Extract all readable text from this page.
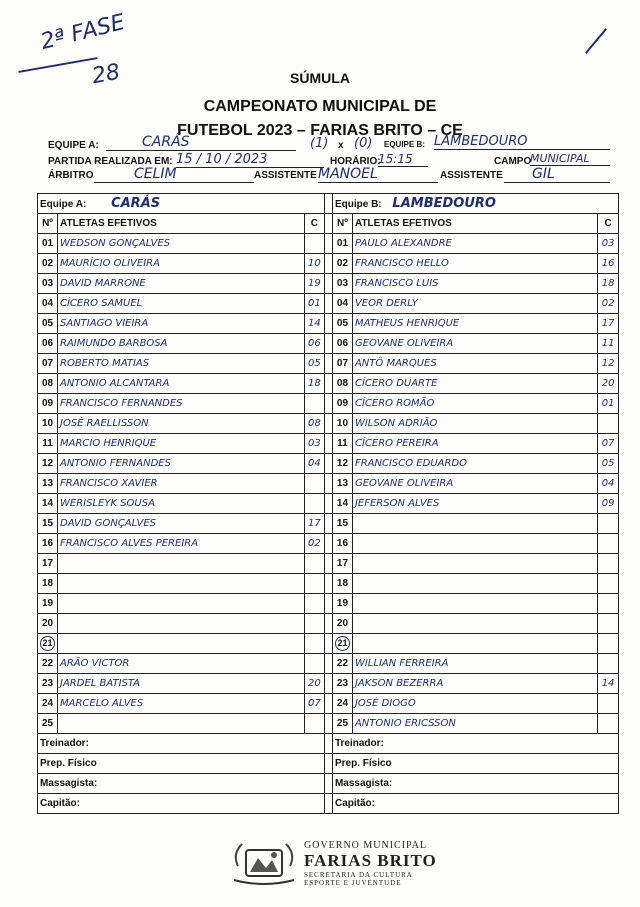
2ª FASE
28	SÚMULA
CAMPEONATO MUNICIPAL DE
FUTEBOL 2023 – FARIAS BRITO – CE
EQUIPE A:	CARÁS	(1) x (0) EQUIPE B: LAMBEDOURO
PARTIDA REALIZADA EM: 15 / 10 / 2023	HORÁRIO:
15:15	CAMPO
MUNICIPAL
ÁRBITRO	CELIM	ASSISTENTE MANOEL	ASSISTENTE	GIL
Equipe A: CARÁS				Equipe B: LAMBEDOURO		
Nº	ATLETAS EFETIVOS	C		Nº	ATLETAS EFETIVOS	C
01	WEDSON GONÇALVES			01	PAULO ALEXANDRE	03
02	MAURÍCIO OLIVEIRA	10		02	FRANCISCO HELLO	16
03	DAVID MARRONE	19		03	FRANCISCO LUIS	18
04	CÍCERO SAMUEL	01		04	VEOR DERLY	02
05	SANTIAGO VIEIRA	14		05	MATHEUS HENRIQUE	17
06	RAIMUNDO BARBOSA	06		06	GEOVANE OLIVEIRA	11
07	ROBERTO MATIAS	05		07	ANTÔ MARQUES	12
08	ANTONIO ALCANTARA	18		08	CÍCERO DUARTE	20
09	FRANCISCO FERNANDES			09	CÍCERO ROMÃO	01
10	JOSÉ RAELLISSON	08		10	WILSON ADRIÃO	
11	MARCIO HENRIQUE	03		11	CÍCERO PEREIRA	07
12	ANTONIO FERNANDES	04		12	FRANCISCO EDUARDO	05
13	FRANCISCO XAVIER			13	GEOVANE OLIVEIRA	04
14	WERISLEYK SOUSA			14	JEFERSON ALVES	09
15	DAVID GONÇALVES	17		15		
16	FRANCISCO ALVES PEREIRA	02		16		
17				17		
18				18		
19				19		
20				20		
21				21		
22	ARÃO VICTOR			22	WILLIAN FERREIRA	
23	JARDEL BATISTA	20		23	JAKSON BEZERRA	14
24	MARCELO ALVES	07		24	JOSÉ DIOGO	
25				25	ANTONIO ERICSSON	
Treinador:				Treinador:		
Prep. Físico				Prep. Físico		
Massagista:				Massagista:		
Capitão:				Capitão:		
GOVERNO MUNICIPAL
FARIAS BRITO
SECRETARIA DA CULTURA
ESPORTE E JUVENTUDE
